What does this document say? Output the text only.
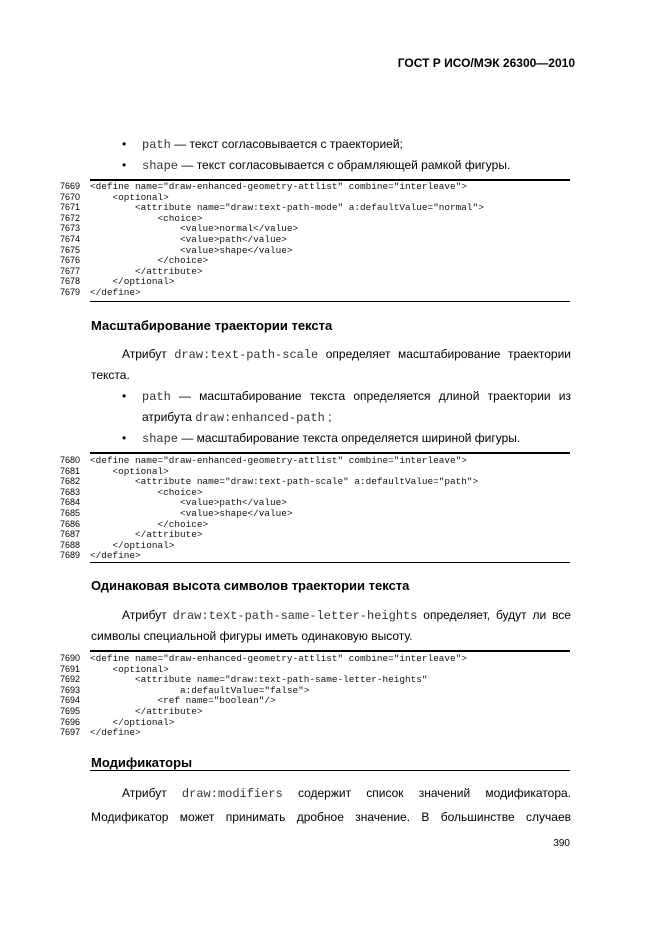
ГОСТ Р ИСО/МЭК 26300—2010
• path — текст согласовывается с траекторией;
• shape — текст согласовывается с обрамляющей рамкой фигуры.
7669 <define name="draw-enhanced-geometry-attlist" combine="interleave">
7670 <optional>
7671 <attribute name="draw:text-path-mode" a:defaultValue="normal">
7672 <choice>
7673 <value>normal</value>
7674 <value>path</value>
7675 <value>shape</value>
7676 </choice>
7677 </attribute>
7678 </optional>
7679 </define>
Масштабирование траектории текста
Атрибут draw:text-path-scale определяет масштабирование траектории
текста.
• path — масштабирование текста определяется длиной траектории из
атрибута draw:enhanced-path ;
• shape — масштабирование текста определяется шириной фигуры.
7680 <define name="draw-enhanced-geometry-attlist" combine="interleave">
7681 <optional>
7682 <attribute name="draw:text-path-scale" a:defaultValue="path">
7683 <choice>
7684 <value>path</value>
7685 <value>shape</value>
7686 </choice>
7687 </attribute>
7688 </optional>
7689 </define>
Одинаковая высота символов траектории текста
Атрибут draw:text-path-same-letter-heights определяет, будут ли все
символы специальной фигуры иметь одинаковую высоту.
7690 <define name="draw-enhanced-geometry-attlist" combine="interleave">
7691 <optional>
7692 <attribute name="draw:text-path-same-letter-heights"
7693 a:defaultValue="false">
7694 <ref name="boolean"/>
7695 </attribute>
7696 </optional>
7697 </define>
Модификаторы
Атрибут draw:modifiers содержит список значений модификатора.
Модификатор может принимать дробное значение. В большинстве случаев
390
